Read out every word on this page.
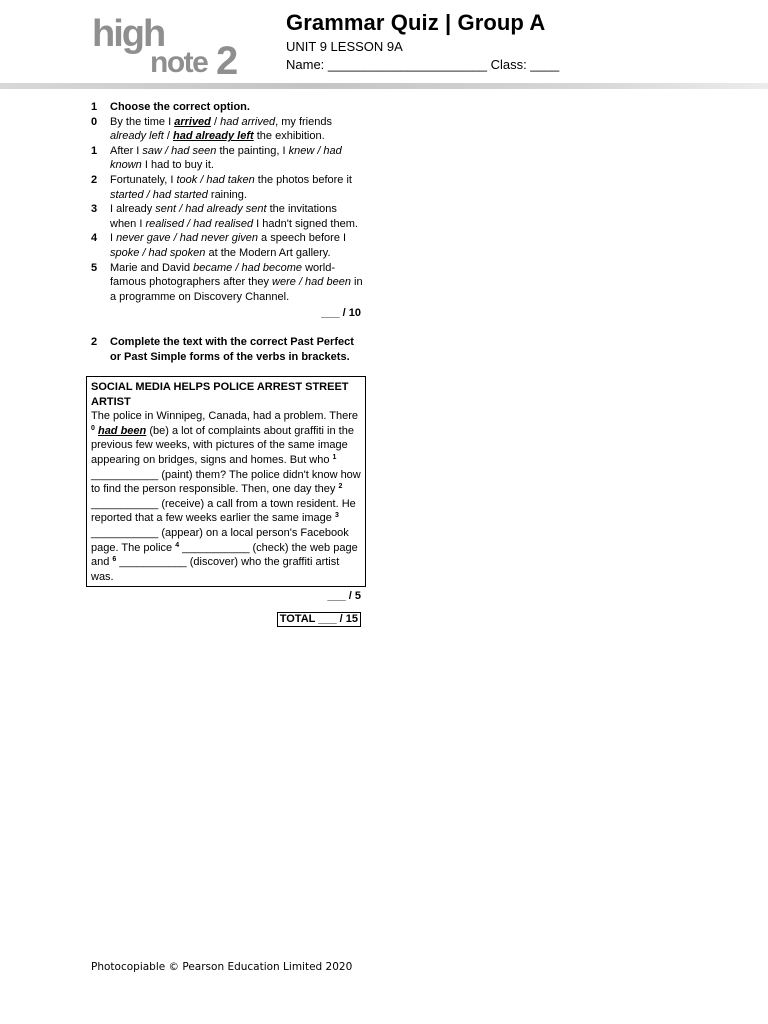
high
note 2
Grammar Quiz | Group A
UNIT 9 LESSON 9A
Name: ______________________ Class: ____
1 Choose the correct option.
0 By the time I arrived / had arrived, my friends already left / had already left the exhibition.
1 After I saw / had seen the painting, I knew / had known I had to buy it.
2 Fortunately, I took / had taken the photos before it started / had started raining.
3 I already sent / had already sent the invitations when I realised / had realised I hadn't signed them.
4 I never gave / had never given a speech before I spoke / had spoken at the Modern Art gallery.
5 Marie and David became / had become world-famous photographers after they were / had been in a programme on Discovery Channel.
___ / 10
2 Complete the text with the correct Past Perfect or Past Simple forms of the verbs in brackets.
SOCIAL MEDIA HELPS POLICE ARREST STREET ARTIST
The police in Winnipeg, Canada, had a problem. There $^0$ had been (be) a lot of complaints about graffiti in the previous few weeks, with pictures of the same image appearing on bridges, signs and homes. But who $^1$ ___________ (paint) them? The police didn't know how to find the person responsible. Then, one day they $^2$ ___________ (receive) a call from a town resident. He reported that a few weeks earlier the same image $^3$ ___________ (appear) on a local person's Facebook page. The police $^4$ ___________ (check) the web page and $^6$ ___________ (discover) who the graffiti artist was.
___ / 5
TOTAL ___ / 15
Photocopiable © Pearson Education Limited 2020
